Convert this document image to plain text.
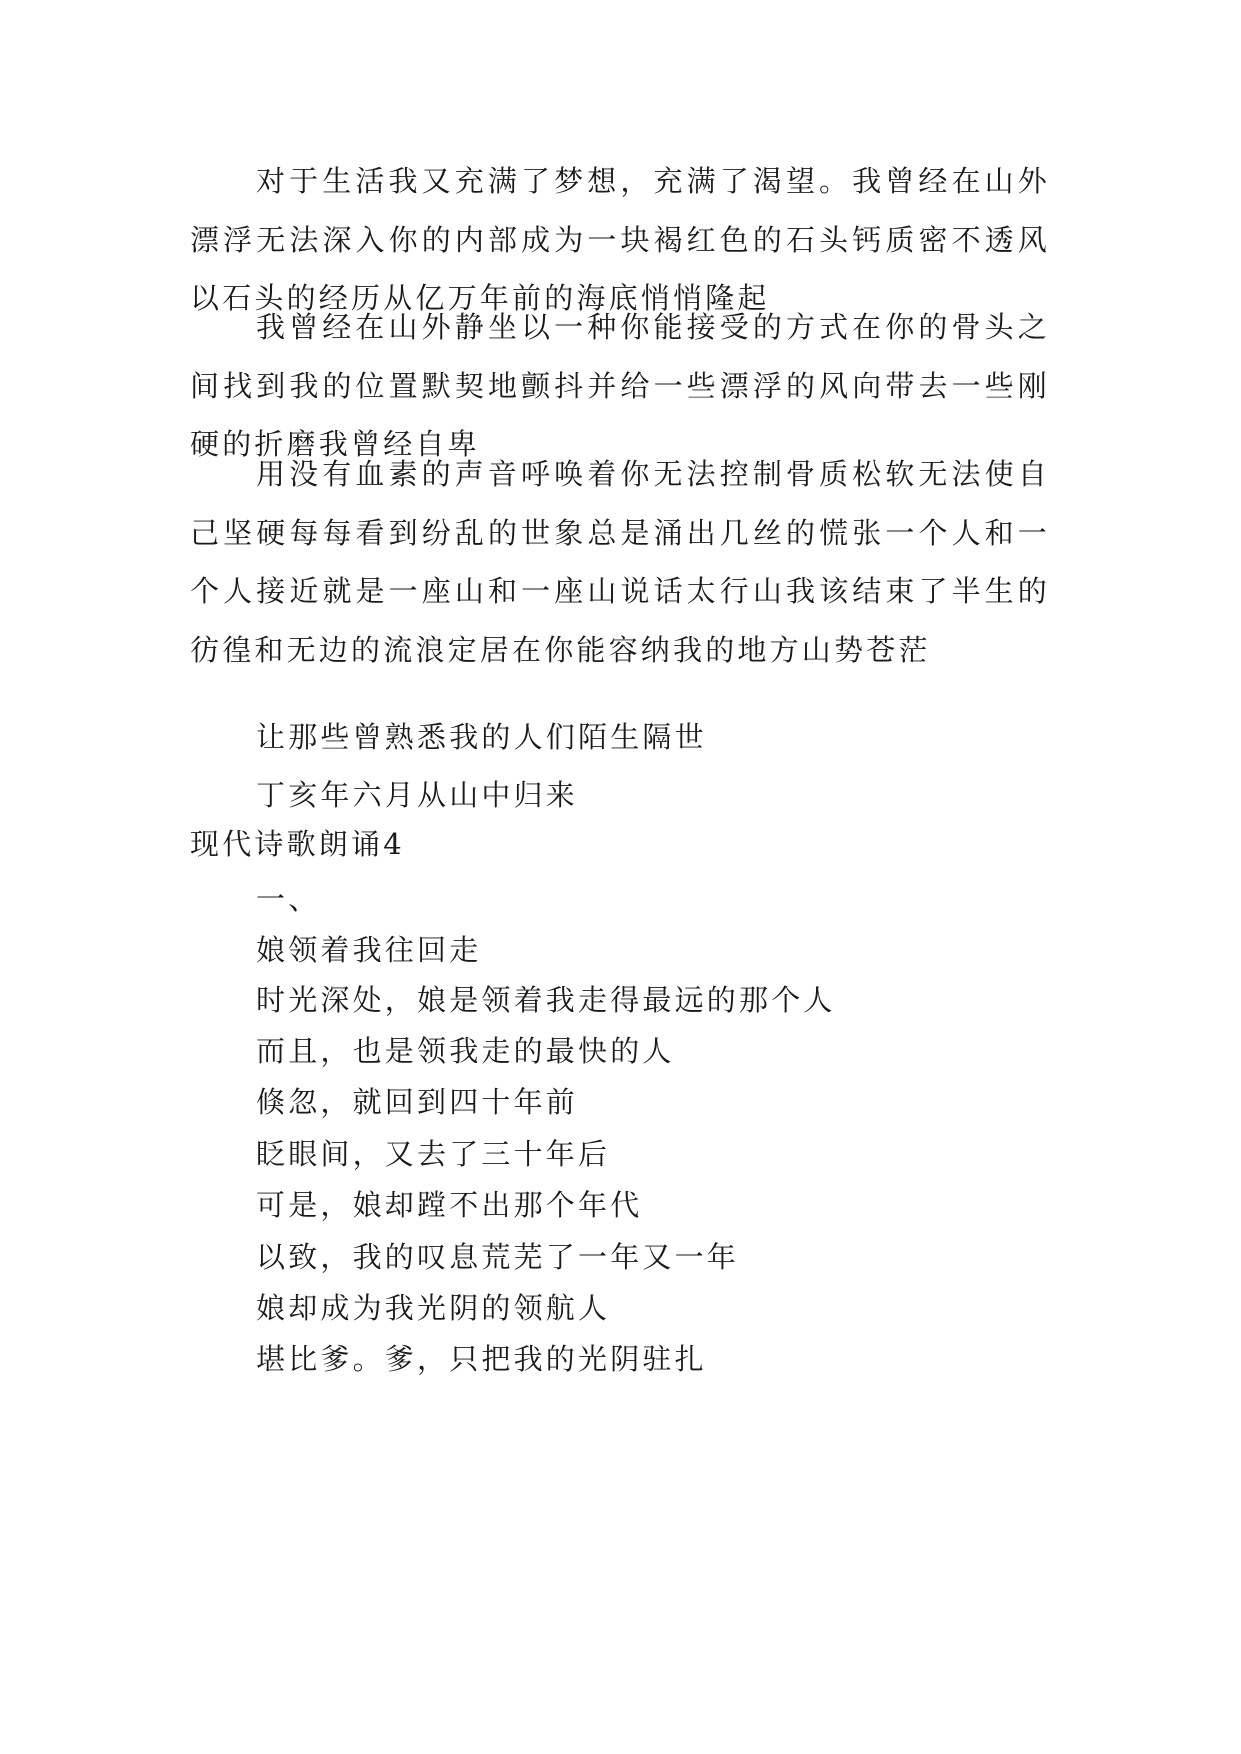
对于生活我又充满了梦想，充满了渴望。我曾经在山外漂浮无法深入你的内部成为一块褐红色的石头钙质密不透风以石头的经历从亿万年前的海底悄悄隆起

我曾经在山外静坐以一种你能接受的方式在你的骨头之间找到我的位置默契地颤抖并给一些漂浮的风向带去一些刚硬的折磨我曾经自卑

用没有血素的声音呼唤着你无法控制骨质松软无法使自己坚硬每每看到纷乱的世象总是涌出几丝的慌张一个人和一个人接近就是一座山和一座山说话太行山我该结束了半生的彷徨和无边的流浪定居在你能容纳我的地方山势苍茫

让那些曾熟悉我的人们陌生隔世

丁亥年六月从山中归来

现代诗歌朗诵4

一、

娘领着我往回走

时光深处，娘是领着我走得最远的那个人

而且，也是领我走的最快的人

倏忽，就回到四十年前

眨眼间，又去了三十年后

可是，娘却蹚不出那个年代

以致，我的叹息荒芜了一年又一年

娘却成为我光阴的领航人

堪比爹。爹，只把我的光阴驻扎
